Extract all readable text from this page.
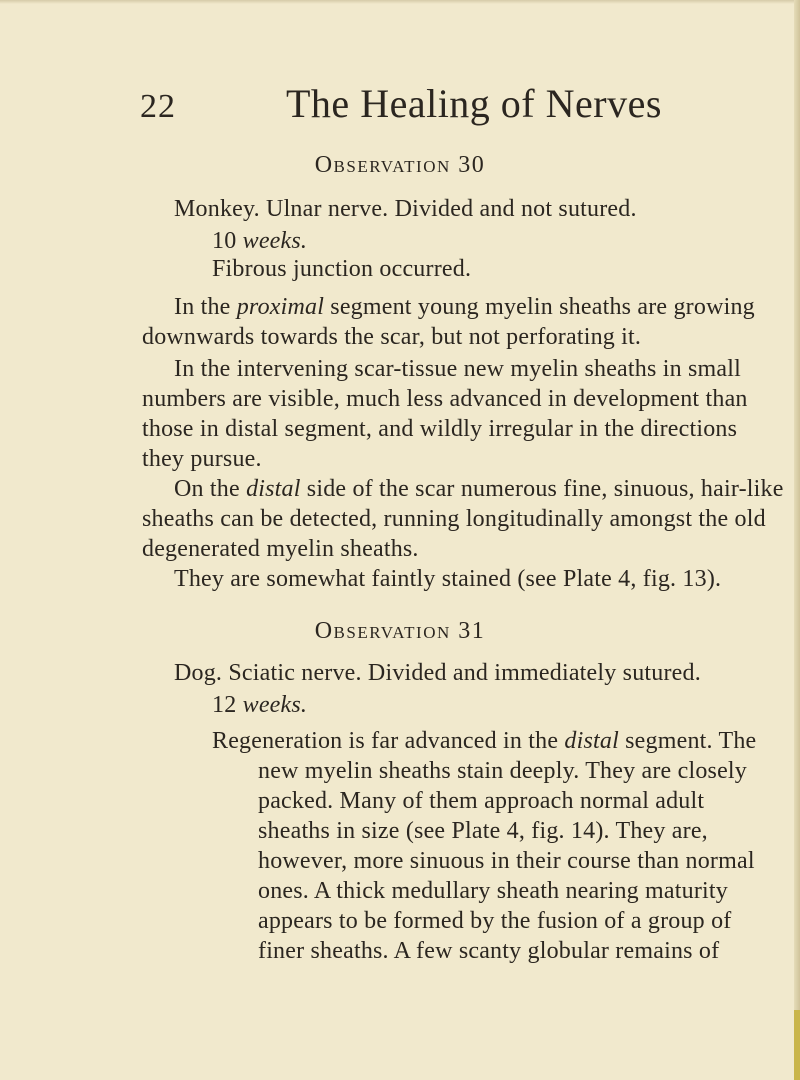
22	The Healing of Nerves
Observation 30
Monkey. Ulnar nerve. Divided and not sutured.
10 weeks.
Fibrous junction occurred.
In the proximal segment young myelin sheaths are growing
downwards towards the scar, but not perforating it.
In the intervening scar-tissue new myelin sheaths in small
numbers are visible, much less advanced in development than
those in distal segment, and wildly irregular in the directions
they pursue.
On the distal side of the scar numerous fine, sinuous, hair-like
sheaths can be detected, running longitudinally amongst the old
degenerated myelin sheaths.
They are somewhat faintly stained (see Plate 4, fig. 13).
Observation 31
Dog. Sciatic nerve. Divided and immediately sutured.
12 weeks.
Regeneration is far advanced in the distal segment. The
new myelin sheaths stain deeply. They are closely
packed. Many of them approach normal adult
sheaths in size (see Plate 4, fig. 14). They are,
however, more sinuous in their course than normal
ones. A thick medullary sheath nearing maturity
appears to be formed by the fusion of a group of
finer sheaths. A few scanty globular remains of
